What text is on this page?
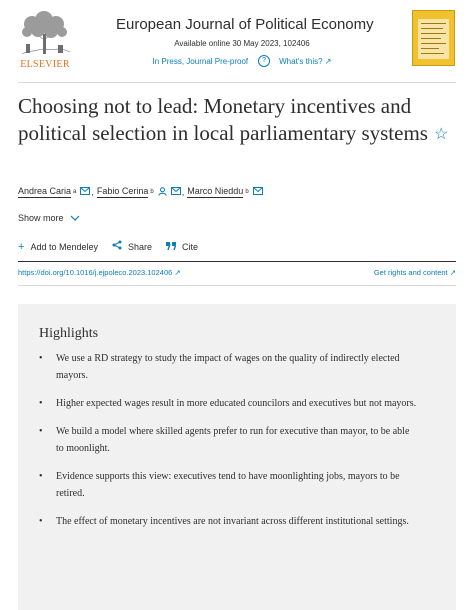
ELSEVIER
European Journal of Political Economy
Available online 30 May 2023, 102406
In Press, Journal Pre-proof	?	What’s this? ↗
Choosing not to lead: Monetary incentives and political selection in local parliamentary systems ☆
Andrea Caria a , Fabio Cerina b	, Marco Nieddu b
Show more
+ Add to Mendeley	Share	Cite
https://doi.org/10.1016/j.ejpoleco.2023.102406 ↗	Get rights and content ↗
Highlights
• We use a RD strategy to study the impact of wages on the quality of indirectly elected mayors.
• Higher expected wages result in more educated councilors and executives but not mayors.
• We build a model where skilled agents prefer to run for executive than mayor, to be able to moonlight.
• Evidence supports this view: executives tend to have moonlighting jobs, mayors to be retired.
• The effect of monetary incentives are not invariant across different institutional settings.
